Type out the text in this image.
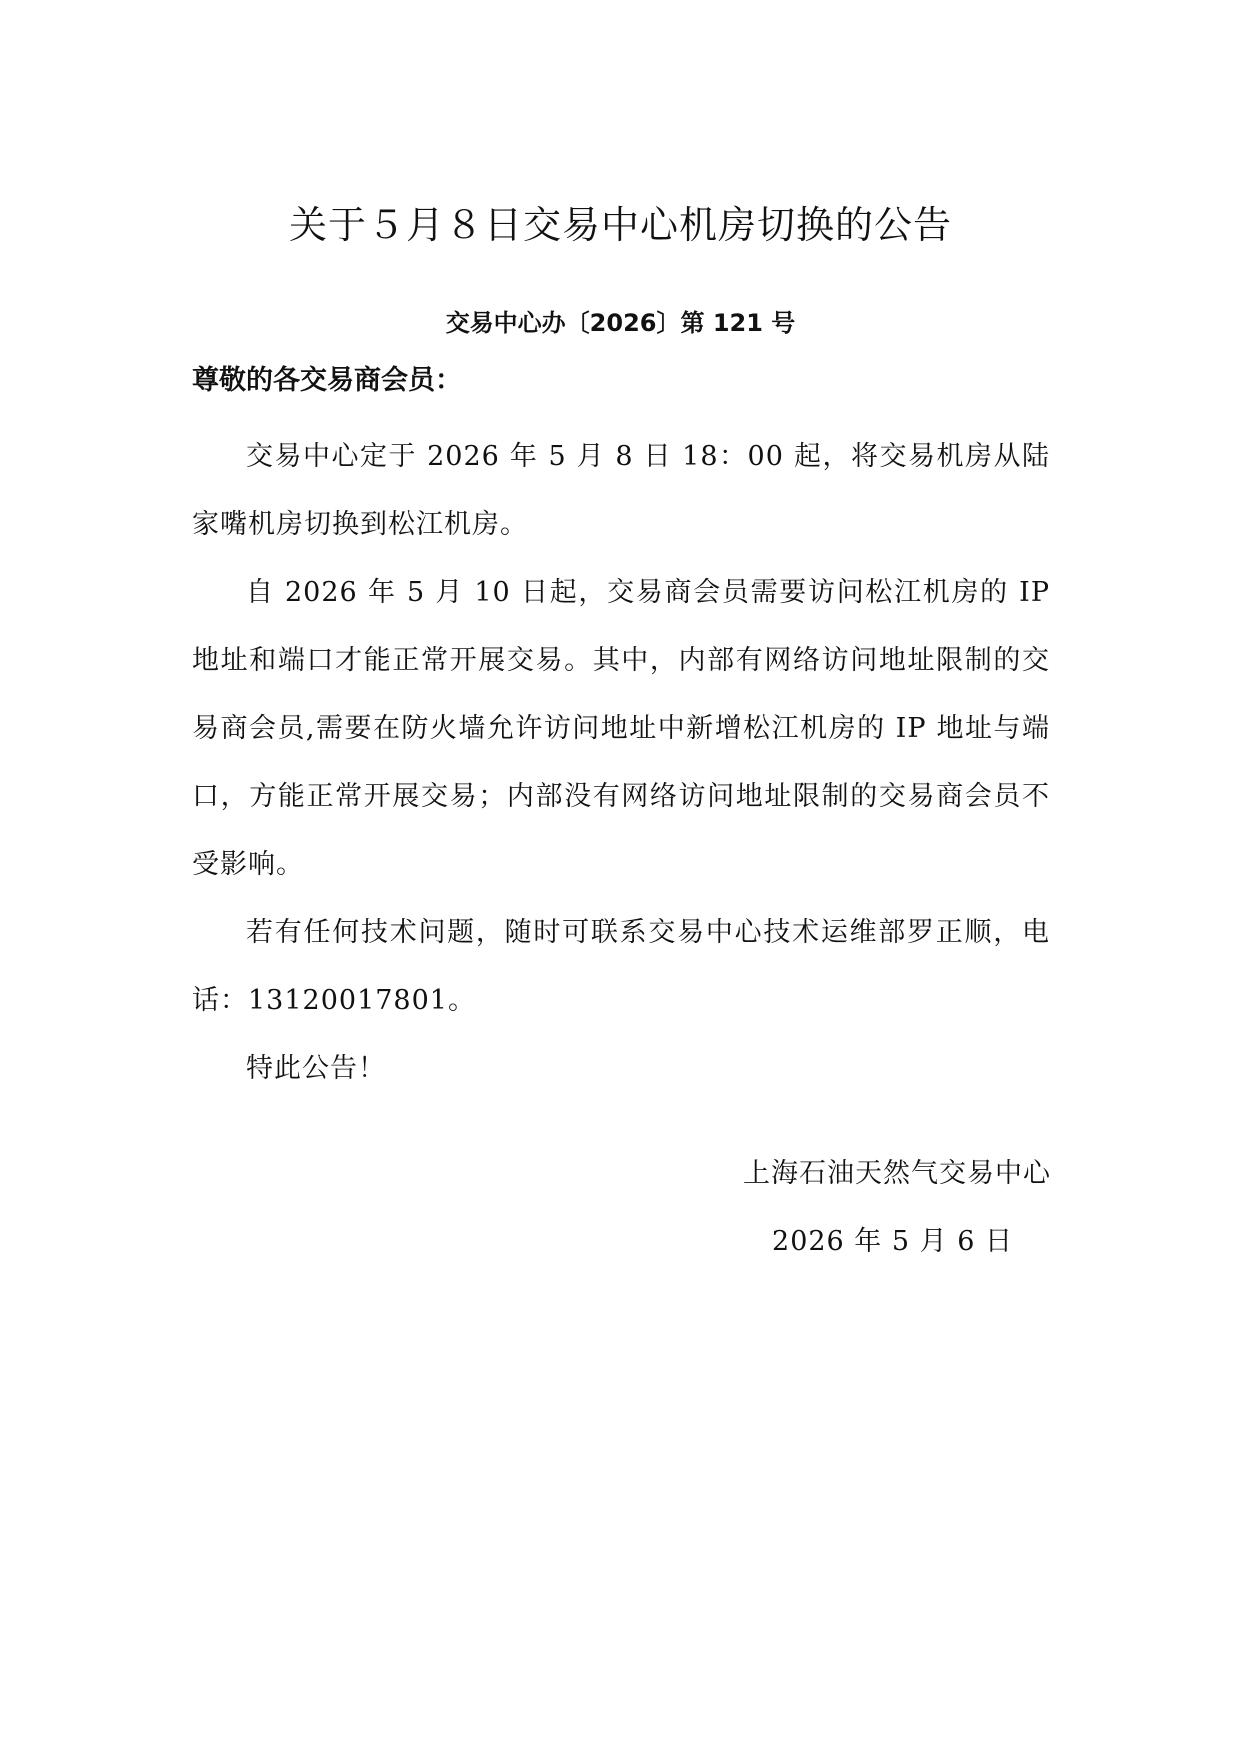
关于５月８日交易中心机房切换的公告
交易中心办〔2026〕第 121 号
尊敬的各交易商会员：

交易中心定于 2026 年 5 月 8 日 18：00 起，将交易机房从陆家嘴机房切换到松江机房。

自 2026 年 5 月 10 日起，交易商会员需要访问松江机房的 IP 地址和端口才能正常开展交易。其中，内部有网络访问地址限制的交易商会员,需要在防火墙允许访问地址中新增松江机房的 IP 地址与端口，方能正常开展交易；内部没有网络访问地址限制的交易商会员不受影响。

若有任何技术问题，随时可联系交易中心技术运维部罗正顺，电话：13120017801。

特此公告！

上海石油天然气交易中心
2026 年 5 月 6 日
